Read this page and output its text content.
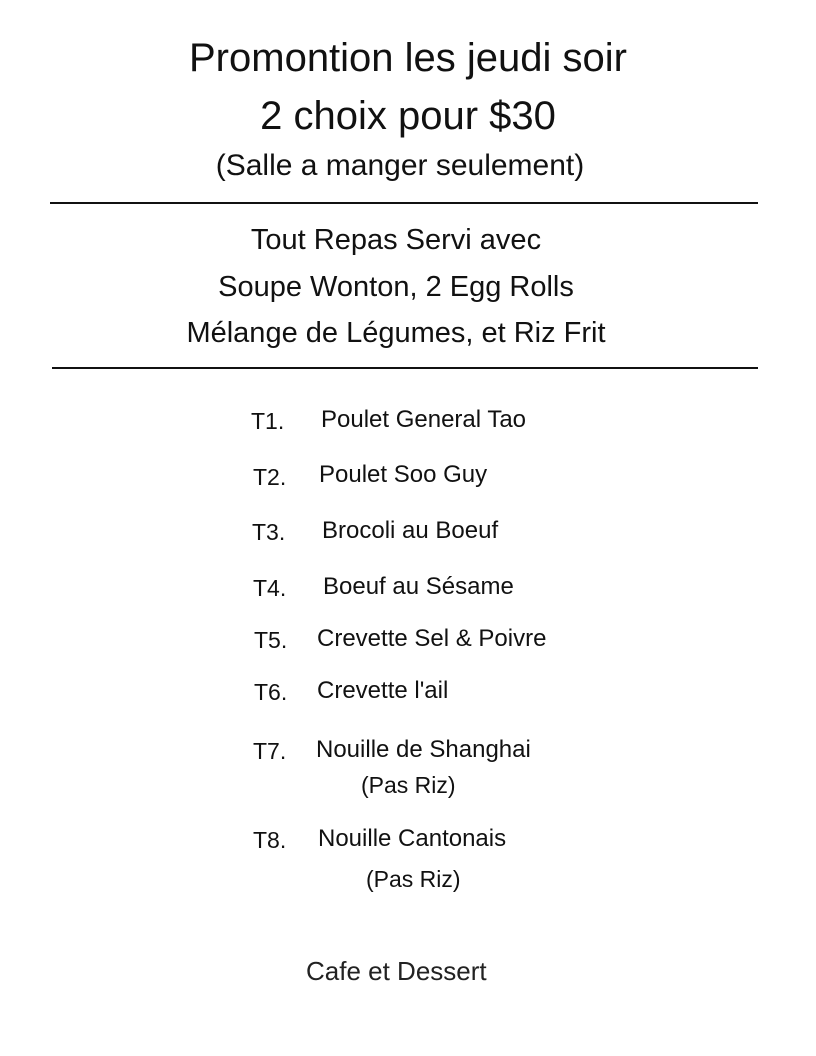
Promontion les jeudi soir
2 choix pour $30
(Salle a manger seulement)
Tout Repas Servi avec
Soupe Wonton, 2 Egg Rolls
Mélange de Légumes, et Riz Frit
T1. Poulet General Tao
T2. Poulet Soo Guy
T3. Brocoli au Boeuf
T4. Boeuf au Sésame
T5. Crevette Sel & Poivre
T6. Crevette l'ail
T7. Nouille de Shanghai
(Pas Riz)
T8. Nouille Cantonais
(Pas Riz)
Cafe et Dessert
